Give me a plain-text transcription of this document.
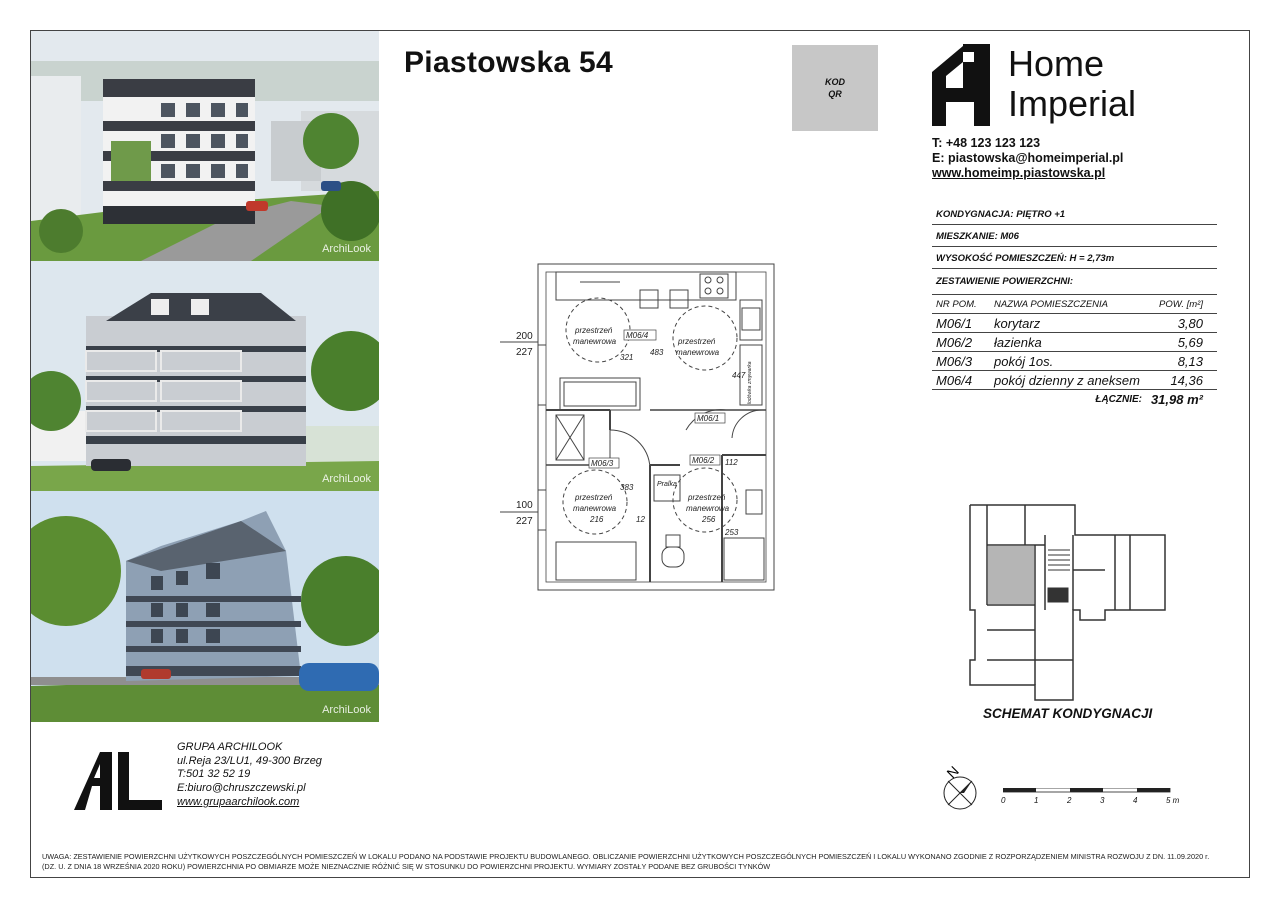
ArchiLook
ArchiLook
ArchiLook
Piastowska 54
KOD
QR
Home
Imperial
T: +48 123 123 123
E: piastowska@homeimperial.pl
www.homeimp.piastowska.pl
KONDYGNACJA: PIĘTRO +1
MIESZKANIE: M06
WYSOKOŚĆ POMIESZCZEŃ: H = 2,73m
ZESTAWIENIE POWIERZCHNI:
NR POM.	NAZWA POMIESZCZENIA	POW. [m²]
M06/1	korytarz	3,80
M06/2	łazienka	5,69
M06/3	pokój 1os.	8,13
M06/4	pokój dzienny z aneksem	14,36
	ŁĄCZNIE:	31,98 m²
M06/4
M06/1
M06/3	M06/2
przestrzeń
manewrowa	przestrzeń
manewrowa
przestrzeń
manewrowa
przestrzeń
manewrowa
483
321
447
216	256
383
12
112
253
Pralka
zmywarka
lodówka
200
227
100
227
SCHEMAT KONDYGNACJI
N
0	1	2	3	4	5 m
GRUPA ARCHILOOK
ul.Reja 23/LU1, 49-300 Brzeg
T:501 32 52 19
E:biuro@chruszczewski.pl
www.grupaarchilook.com
UWAGA: ZESTAWIENIE POWIERZCHNI UŻYTKOWYCH POSZCZEGÓLNYCH POMIESZCZEŃ W LOKALU PODANO NA PODSTAWIE PROJEKTU BUDOWLANEGO. OBLICZANIE POWIERZCHNI UŻYTKOWYCH POSZCZEGÓLNYCH POMIESZCZEŃ I LOKALU WYKONANO ZGODNIE Z ROZPORZĄDZENIEM MINISTRA ROZWOJU Z DN. 11.09.2020 r.
(DZ. U. Z DNIA 18 WRZEŚNIA 2020 ROKU) POWIERZCHNIA PO OBMIARZE MOŻE NIEZNACZNIE RÓŻNIĆ SIĘ W STOSUNKU DO POWIERZCHNI PROJEKTU. WYMIARY ZOSTAŁY PODANE BEZ GRUBOŚCI TYNKÓW
